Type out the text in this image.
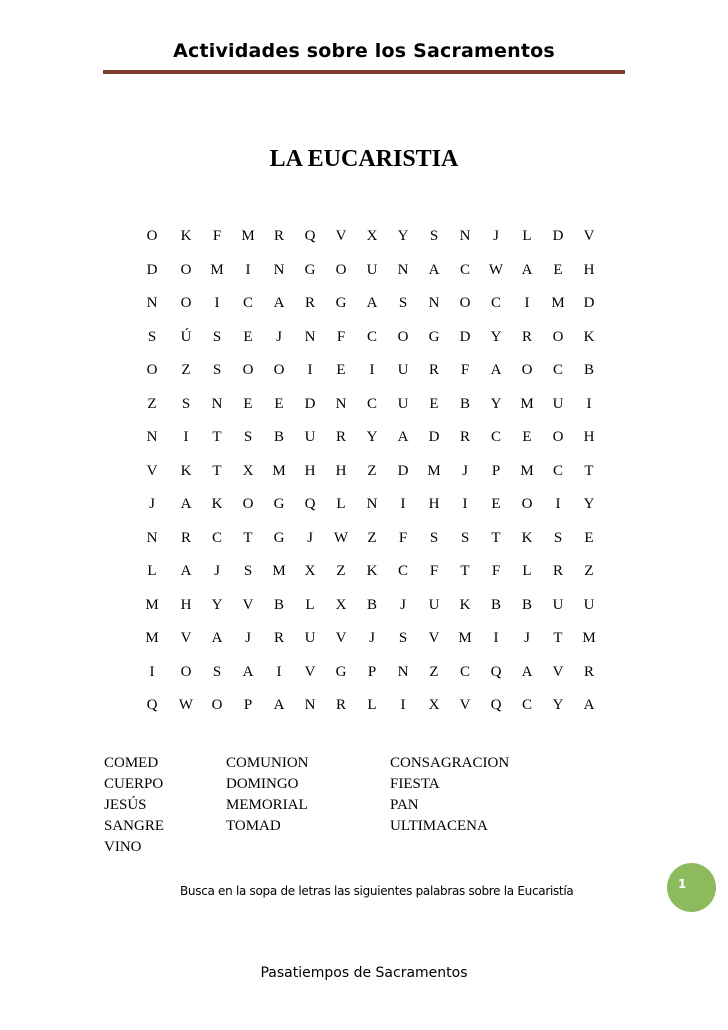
Actividades sobre los Sacramentos
LA EUCARISTIA
O	K	F	M	R	Q	V	X	Y	S	N	J	L	D	V
D	O	M	I	N	G	O	U	N	A	C	W	A	E	H
N	O	I	C	A	R	G	A	S	N	O	C	I	M	D
S	Ú	S	E	J	N	F	C	O	G	D	Y	R	O	K
O	Z	S	O	O	I	E	I	U	R	F	A	O	C	B
Z	S	N	E	E	D	N	C	U	E	B	Y	M	U	I
N	I	T	S	B	U	R	Y	A	D	R	C	E	O	H
V	K	T	X	M	H	H	Z	D	M	J	P	M	C	T
J	A	K	O	G	Q	L	N	I	H	I	E	O	I	Y
N	R	C	T	G	J	W	Z	F	S	S	T	K	S	E
L	A	J	S	M	X	Z	K	C	F	T	F	L	R	Z
M	H	Y	V	B	L	X	B	J	U	K	B	B	U	U
M	V	A	J	R	U	V	J	S	V	M	I	J	T	M
I	O	S	A	I	V	G	P	N	Z	C	Q	A	V	R
Q	W	O	P	A	N	R	L	I	X	V	Q	C	Y	A
COMED
CUERPO
JESÚS
SANGRE
VINO
COMUNION
DOMINGO
MEMORIAL
TOMAD
CONSAGRACION
FIESTA
PAN
ULTIMACENA
Busca en la sopa de letras las siguientes palabras sobre la Eucaristía	1
Pasatiempos de Sacramentos
